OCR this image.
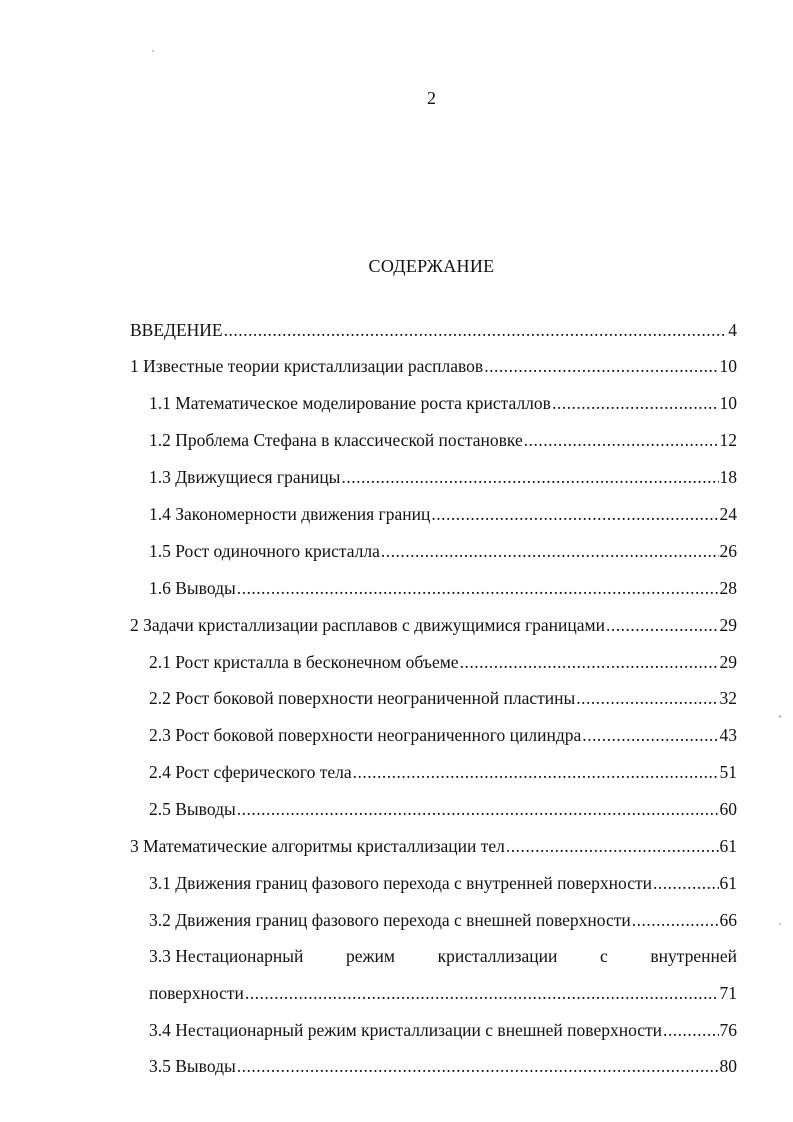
2
СОДЕРЖАНИЕ
ВВЕДЕНИЕ .....	4
1 Известные теории кристаллизации расплавов .....	10
1.1 Математическое моделирование роста кристаллов .....	10
1.2 Проблема Стефана в классической постановке .....	12
1.3 Движущиеся границы .....	18
1.4 Закономерности движения границ .....	24
1.5 Рост одиночного кристалла .....	26
1.6 Выводы .....	28
2 Задачи кристаллизации расплавов с движущимися границами .....	29
2.1 Рост кристалла в бесконечном объеме .....	29
2.2 Рост боковой поверхности неограниченной пластины .....	32
2.3 Рост боковой поверхности неограниченного цилиндра .....	43
2.4 Рост сферического тела .....	51
2.5 Выводы .....	60
3 Математические алгоритмы кристаллизации тел .....	61
3.1 Движения границ фазового перехода с внутренней поверхности .....	61
3.2 Движения границ фазового перехода с внешней поверхности .....	66
3.3 Нестационарный режим кристаллизации с внутренней
поверхности .....	71
3.4 Нестационарный режим кристаллизации с внешней поверхности .....	76
3.5 Выводы .....	80
